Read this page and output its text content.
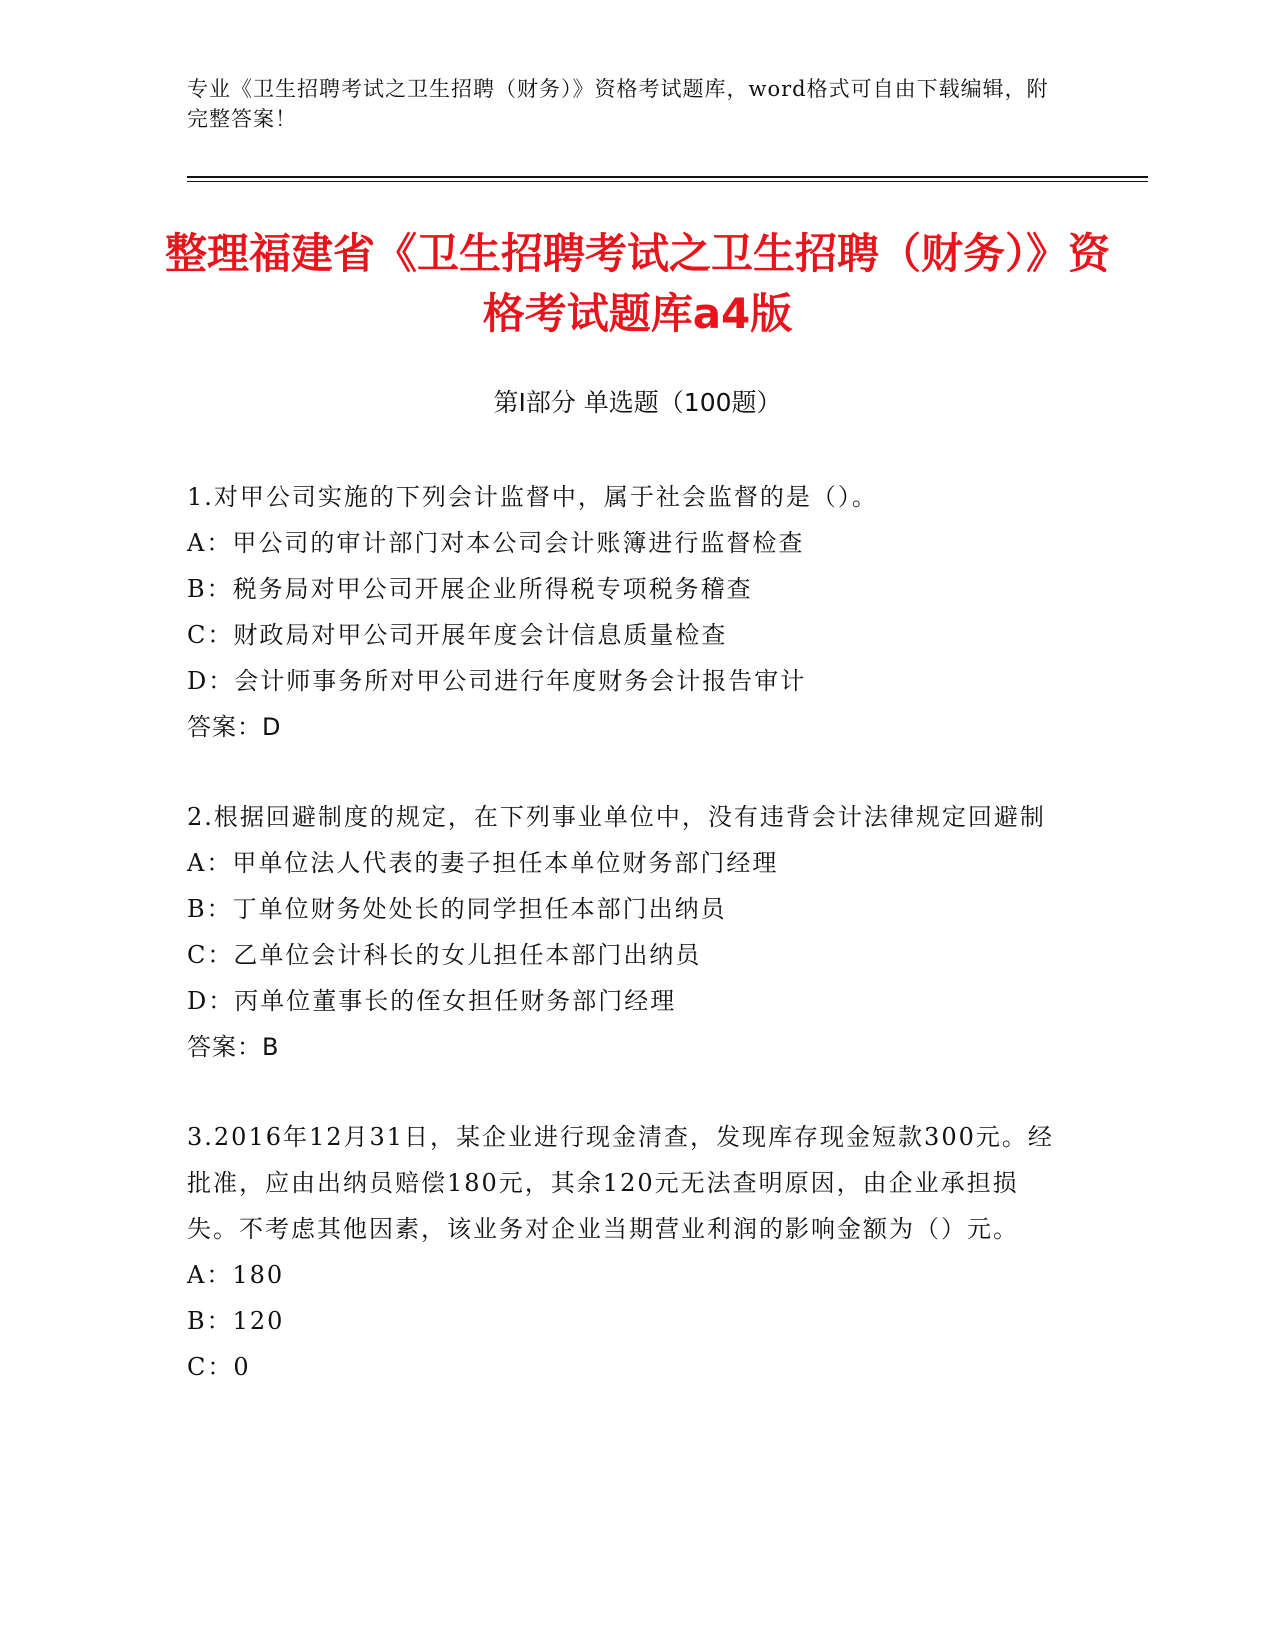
专业《卫生招聘考试之卫生招聘（财务）》资格考试题库，word格式可自由下载编辑，附完整答案！
整理福建省《卫生招聘考试之卫生招聘（财务）》资格考试题库a4版
第I部分 单选题（100题）
1.对甲公司实施的下列会计监督中，属于社会监督的是（）。
A：甲公司的审计部门对本公司会计账簿进行监督检查
B：税务局对甲公司开展企业所得税专项税务稽查
C：财政局对甲公司开展年度会计信息质量检查
D：会计师事务所对甲公司进行年度财务会计报告审计
答案：D
2.根据回避制度的规定，在下列事业单位中，没有违背会计法律规定回避制
A：甲单位法人代表的妻子担任本单位财务部门经理
B：丁单位财务处处长的同学担任本部门出纳员
C：乙单位会计科长的女儿担任本部门出纳员
D：丙单位董事长的侄女担任财务部门经理
答案：B
3.2016年12月31日，某企业进行现金清查，发现库存现金短款300元。经批准，应由出纳员赔偿180元，其余120元无法查明原因，由企业承担损失。不考虑其他因素，该业务对企业当期营业利润的影响金额为（）元。
A：180
B：120
C：0
